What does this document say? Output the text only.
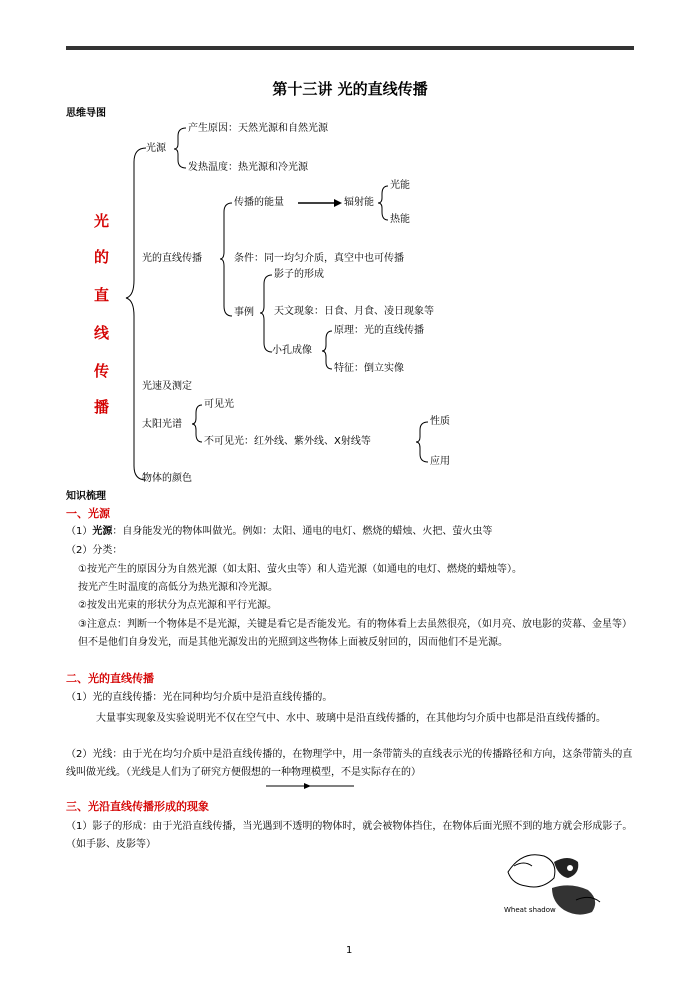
第十三讲 光的直线传播
思维导图
光
的
直
线
传
播
光源
产生原因：天然光源和自然光源
发热温度：热光源和冷光源
光的直线传播
传播的能量	辐射能
光能
热能
条件：同一均匀介质，真空中也可传播
事例
影子的形成
天文现象：日食、月食、凌日现象等
小孔成像
原理：光的直线传播
特征：倒立实像
光速及测定
太阳光谱
可见光
不可见光：红外线、紫外线、X射线等
性质
应用
物体的颜色
知识梳理
一、光源
（1）光源：自身能发光的物体叫做光。例如：太阳、通电的电灯、燃烧的蜡烛、火把、萤火虫等
（2）分类：
①按光产生的原因分为自然光源（如太阳、萤火虫等）和人造光源（如通电的电灯、燃烧的蜡烛等）。
按光产生时温度的高低分为热光源和冷光源。
②按发出光束的形状分为点光源和平行光源。
③注意点：判断一个物体是不是光源，关键是看它是否能发光。有的物体看上去虽然很亮，（如月亮、放电影的荧幕、金星等）但不是他们自身发光，而是其他光源发出的光照到这些物体上面被反射回的，因而他们不是光源。
二、光的直线传播
（1）光的直线传播：光在同种均匀介质中是沿直线传播的。
大量事实现象及实验说明光不仅在空气中、水中、玻璃中是沿直线传播的，在其他均匀介质中也都是沿直线传播的。
（2）光线：由于光在均匀介质中是沿直线传播的，在物理学中，用一条带箭头的直线表示光的传播路径和方向，这条带箭头的直线叫做光线。（光线是人们为了研究方便假想的一种物理模型，不是实际存在的）
三、光沿直线传播形成的现象
（1）影子的形成：由于光沿直线传播，当光遇到不透明的物体时，就会被物体挡住，在物体后面光照不到的地方就会形成影子。（如手影、皮影等）
Wheat shadow
1
